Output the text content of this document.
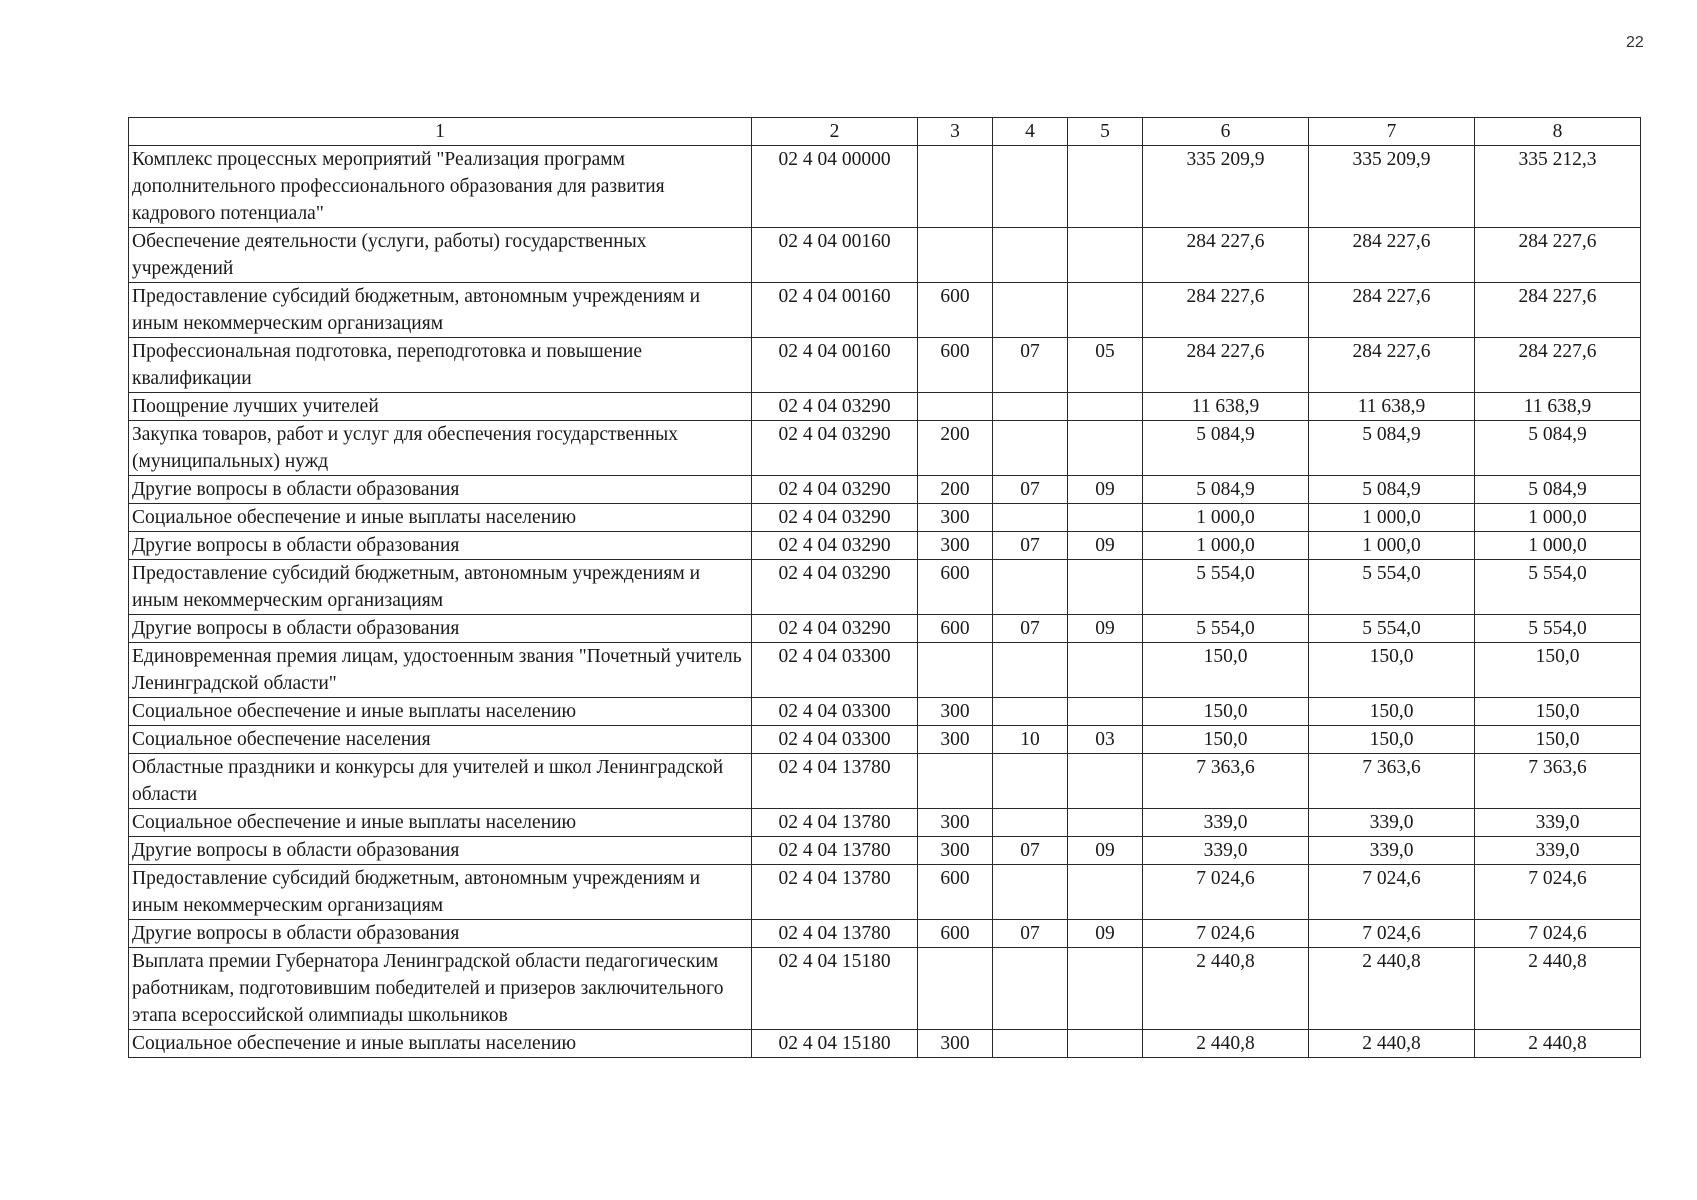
22
1	2	3	4	5	6	7	8
Комплекс процессных мероприятий "Реализация программ дополнительного профессионального образования для развития кадрового потенциала"	02 4 04 00000				335 209,9	335 209,9	335 212,3
Обеспечение деятельности (услуги, работы) государственных учреждений	02 4 04 00160				284 227,6	284 227,6	284 227,6
Предоставление субсидий бюджетным, автономным учреждениям и иным некоммерческим организациям	02 4 04 00160	600			284 227,6	284 227,6	284 227,6
Профессиональная подготовка, переподготовка и повышение квалификации	02 4 04 00160	600	07	05	284 227,6	284 227,6	284 227,6
Поощрение лучших учителей	02 4 04 03290				11 638,9	11 638,9	11 638,9
Закупка товаров, работ и услуг для обеспечения государственных (муниципальных) нужд	02 4 04 03290	200			5 084,9	5 084,9	5 084,9
Другие вопросы в области образования	02 4 04 03290	200	07	09	5 084,9	5 084,9	5 084,9
Социальное обеспечение и иные выплаты населению	02 4 04 03290	300			1 000,0	1 000,0	1 000,0
Другие вопросы в области образования	02 4 04 03290	300	07	09	1 000,0	1 000,0	1 000,0
Предоставление субсидий бюджетным, автономным учреждениям и иным некоммерческим организациям	02 4 04 03290	600			5 554,0	5 554,0	5 554,0
Другие вопросы в области образования	02 4 04 03290	600	07	09	5 554,0	5 554,0	5 554,0
Единовременная премия лицам, удостоенным звания "Почетный учитель Ленинградской области"	02 4 04 03300				150,0	150,0	150,0
Социальное обеспечение и иные выплаты населению	02 4 04 03300	300			150,0	150,0	150,0
Социальное обеспечение населения	02 4 04 03300	300	10	03	150,0	150,0	150,0
Областные праздники и конкурсы для учителей и школ Ленинградской области	02 4 04 13780				7 363,6	7 363,6	7 363,6
Социальное обеспечение и иные выплаты населению	02 4 04 13780	300			339,0	339,0	339,0
Другие вопросы в области образования	02 4 04 13780	300	07	09	339,0	339,0	339,0
Предоставление субсидий бюджетным, автономным учреждениям и иным некоммерческим организациям	02 4 04 13780	600			7 024,6	7 024,6	7 024,6
Другие вопросы в области образования	02 4 04 13780	600	07	09	7 024,6	7 024,6	7 024,6
Выплата премии Губернатора Ленинградской области педагогическим работникам, подготовившим победителей и призеров заключительного этапа всероссийской олимпиады школьников	02 4 04 15180				2 440,8	2 440,8	2 440,8
Социальное обеспечение и иные выплаты населению	02 4 04 15180	300			2 440,8	2 440,8	2 440,8
